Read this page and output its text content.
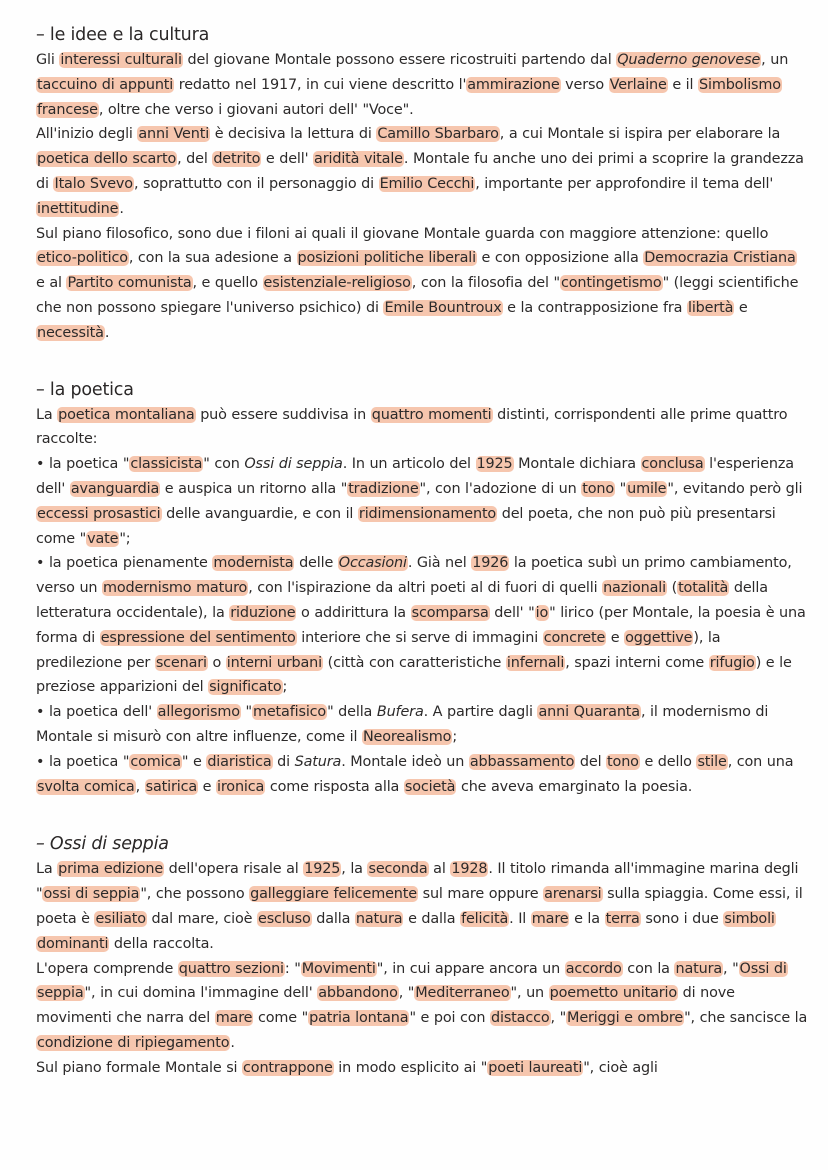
– le idee e la cultura

Gli interessi culturali del giovane Montale possono essere ricostruiti partendo dal Quaderno genovese, un taccuino di appunti redatto nel 1917, in cui viene descritto l'ammirazione verso Verlaine e il Simbolismo francese, oltre che verso i giovani autori dell' "Voce".

All'inizio degli anni Venti è decisiva la lettura di Camillo Sbarbaro, a cui Montale si ispira per elaborare la poetica dello scarto, del detrito e dell' aridità vitale. Montale fu anche uno dei primi a scoprire la grandezza di Italo Svevo, soprattutto con il personaggio di Emilio Cecchi, importante per approfondire il tema dell' inettitudine.

Sul piano filosofico, sono due i filoni ai quali il giovane Montale guarda con maggiore attenzione: quello etico-politico, con la sua adesione a posizioni politiche liberali e con opposizione alla Democrazia Cristiana e al Partito comunista, e quello esistenziale-religioso, con la filosofia del "contingetismo" (leggi scientifiche che non possono spiegare l'universo psichico) di Emile Bountroux e la contrapposizione fra libertà e necessità.

– la poetica

La poetica montaliana può essere suddivisa in quattro momenti distinti, corrispondenti alle prime quattro raccolte:

• la poetica "classicista" con Ossi di seppia. In un articolo del 1925 Montale dichiara conclusa l'esperienza dell' avanguardia e auspica un ritorno alla "tradizione", con l'adozione di un tono "umile", evitando però gli eccessi prosastici delle avanguardie, e con il ridimensionamento del poeta, che non può più presentarsi come "vate";

• la poetica pienamente modernista delle Occasioni. Già nel 1926 la poetica subì un primo cambiamento, verso un modernismo maturo, con l'ispirazione da altri poeti al di fuori di quelli nazionali (totalità della letteratura occidentale), la riduzione o addirittura la scomparsa dell' "io" lirico (per Montale, la poesia è una forma di espressione del sentimento interiore che si serve di immagini concrete e oggettive), la predilezione per scenari o interni urbani (città con caratteristiche infernali, spazi interni come rifugio) e le preziose apparizioni del significato;

• la poetica dell' allegorismo "metafisico" della Bufera. A partire dagli anni Quaranta, il modernismo di Montale si misurò con altre influenze, come il Neorealismo;

• la poetica "comica" e diaristica di Satura. Montale ideò un abbassamento del tono e dello stile, con una svolta comica, satirica e ironica come risposta alla società che aveva emarginato la poesia.

– Ossi di seppia

La prima edizione dell'opera risale al 1925, la seconda al 1928. Il titolo rimanda all'immagine marina degli "ossi di seppia", che possono galleggiare felicemente sul mare oppure arenarsi sulla spiaggia. Come essi, il poeta è esiliato dal mare, cioè escluso dalla natura e dalla felicità. Il mare e la terra sono i due simboli dominanti della raccolta.

L'opera comprende quattro sezioni: "Movimenti", in cui appare ancora un accordo con la natura, "Ossi di seppia", in cui domina l'immagine dell' abbandono, "Mediterraneo", un poemetto unitario di nove movimenti che narra del mare come "patria lontana" e poi con distacco, "Meriggi e ombre", che sancisce la condizione di ripiegamento.

Sul piano formale Montale si contrappone in modo esplicito ai "poeti laureati", cioè agli
